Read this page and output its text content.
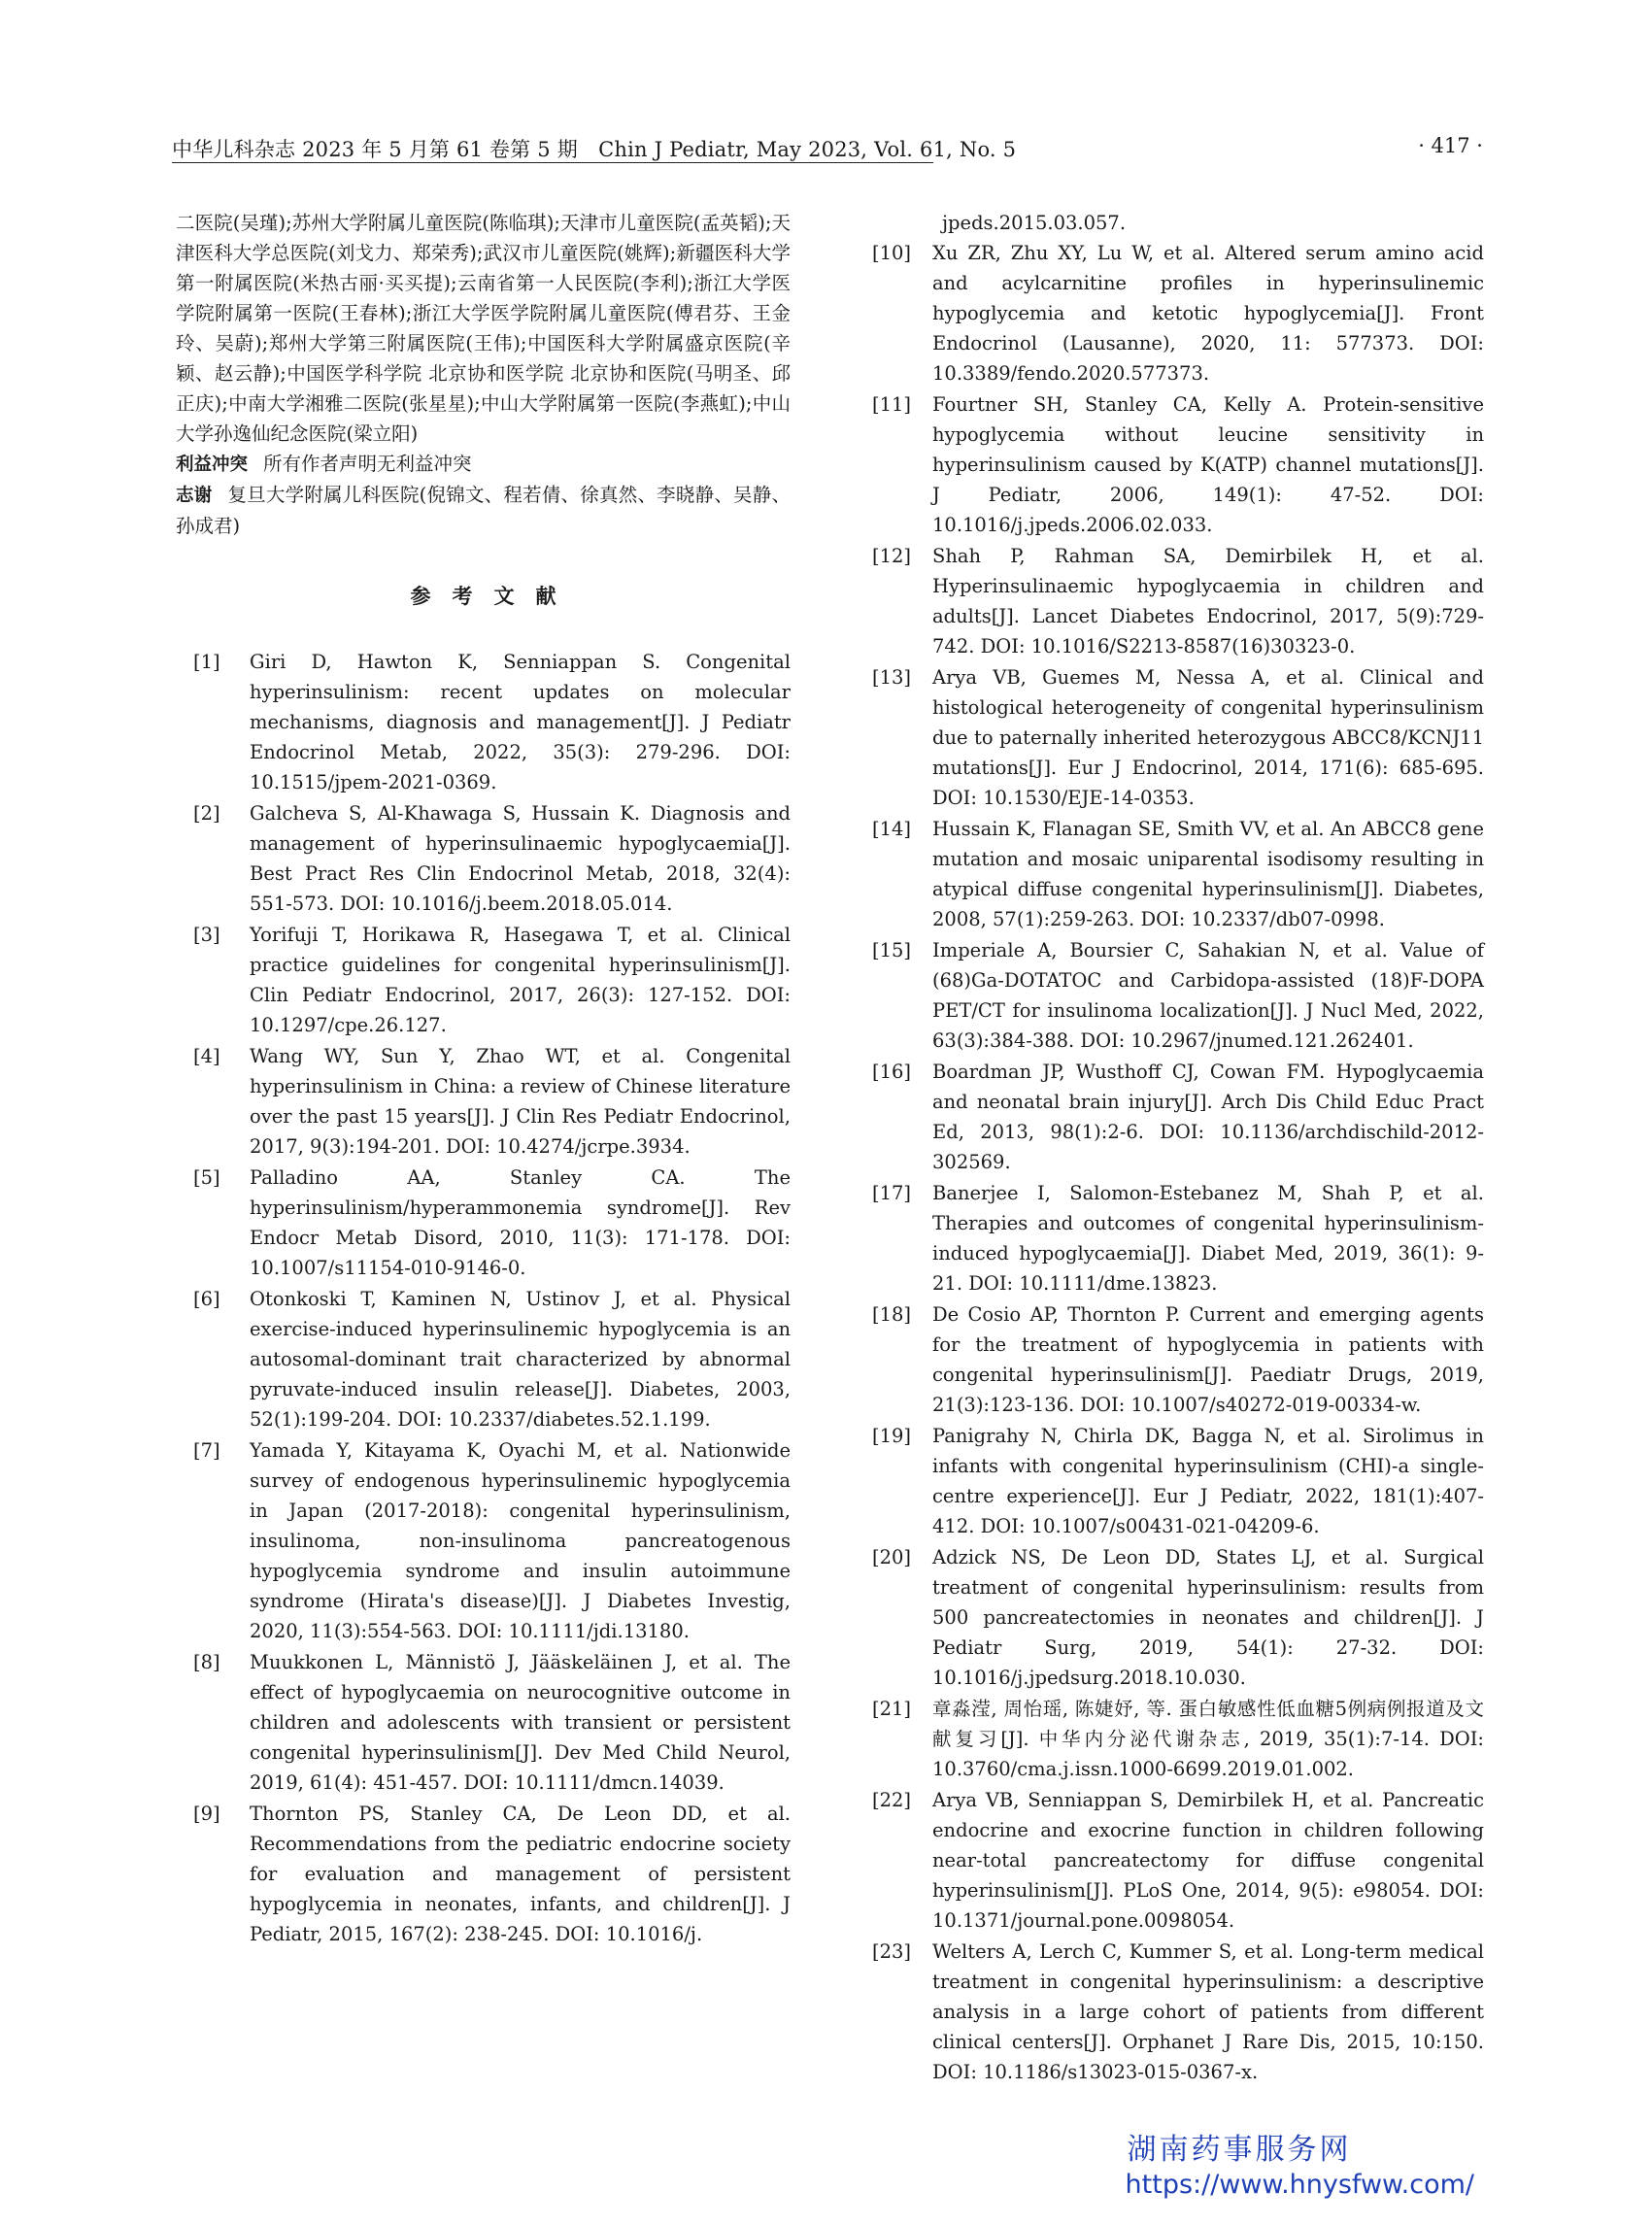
中华儿科杂志 2023 年 5 月第 61 卷第 5 期　Chin J Pediatr, May 2023, Vol. 61, No. 5	· 417 ·

二医院(吴瑾);苏州大学附属儿童医院(陈临琪);天津市儿童医院(孟英韬);天津医科大学总医院(刘戈力、郑荣秀);武汉市儿童医院(姚辉);新疆医科大学第一附属医院(米热古丽·买买提);云南省第一人民医院(李利);浙江大学医学院附属第一医院(王春林);浙江大学医学院附属儿童医院(傅君芬、王金玲、吴蔚);郑州大学第三附属医院(王伟);中国医科大学附属盛京医院(辛颖、赵云静);中国医学科学院 北京协和医学院 北京协和医院(马明圣、邱正庆);中南大学湘雅二医院(张星星);中山大学附属第一医院(李燕虹);中山大学孙逸仙纪念医院(梁立阳)

利益冲突 所有作者声明无利益冲突

志谢 复旦大学附属儿科医院(倪锦文、程若倩、徐真然、李晓静、吴静、孙成君)

参考文献
[1]	Giri D, Hawton K, Senniappan S. Congenital hyperinsulinism: recent updates on molecular mechanisms, diagnosis and management[J]. J Pediatr Endocrinol Metab, 2022, 35(3): 279-296. DOI: 10.1515/jpem-2021-0369.
[2]	Galcheva S, Al-Khawaga S, Hussain K. Diagnosis and management of hyperinsulinaemic hypoglycaemia[J]. Best Pract Res Clin Endocrinol Metab, 2018, 32(4): 551-573. DOI: 10.1016/j.beem.2018.05.014.
[3]	Yorifuji T, Horikawa R, Hasegawa T, et al. Clinical practice guidelines for congenital hyperinsulinism[J]. Clin Pediatr Endocrinol, 2017, 26(3): 127-152. DOI: 10.1297/cpe.26.127.
[4]	Wang WY, Sun Y, Zhao WT, et al. Congenital hyperinsulinism in China: a review of Chinese literature over the past 15 years[J]. J Clin Res Pediatr Endocrinol, 2017, 9(3):194-201. DOI: 10.4274/jcrpe.3934.
[5]	Palladino AA, Stanley CA. The hyperinsulinism/hyperammonemia syndrome[J]. Rev Endocr Metab Disord, 2010, 11(3): 171-178. DOI: 10.1007/s11154-010-9146-0.
[6]	Otonkoski T, Kaminen N, Ustinov J, et al. Physical exercise-induced hyperinsulinemic hypoglycemia is an autosomal-dominant trait characterized by abnormal pyruvate-induced insulin release[J]. Diabetes, 2003, 52(1):199-204. DOI: 10.2337/diabetes.52.1.199.
[7]	Yamada Y, Kitayama K, Oyachi M, et al. Nationwide survey of endogenous hyperinsulinemic hypoglycemia in Japan (2017-2018): congenital hyperinsulinism, insulinoma, non-insulinoma pancreatogenous hypoglycemia syndrome and insulin autoimmune syndrome (Hirata's disease)[J]. J Diabetes Investig, 2020, 11(3):554-563. DOI: 10.1111/jdi.13180.
[8]	Muukkonen L, Männistö J, Jääskeläinen J, et al. The effect of hypoglycaemia on neurocognitive outcome in children and adolescents with transient or persistent congenital hyperinsulinism[J]. Dev Med Child Neurol, 2019, 61(4): 451-457. DOI: 10.1111/dmcn.14039.
[9]	Thornton PS, Stanley CA, De Leon DD, et al. Recommendations from the pediatric endocrine society for evaluation and management of persistent hypoglycemia in neonates, infants, and children[J]. J Pediatr, 2015, 167(2): 238-245. DOI: 10.1016/j.
jpeds.2015.03.057.
[10]	Xu ZR, Zhu XY, Lu W, et al. Altered serum amino acid and acylcarnitine profiles in hyperinsulinemic hypoglycemia and ketotic hypoglycemia[J]. Front Endocrinol (Lausanne), 2020, 11: 577373. DOI: 10.3389/fendo.2020.577373.
[11]	Fourtner SH, Stanley CA, Kelly A. Protein-sensitive hypoglycemia without leucine sensitivity in hyperinsulinism caused by K(ATP) channel mutations[J]. J Pediatr, 2006, 149(1): 47-52. DOI: 10.1016/j.jpeds.2006.02.033.
[12]	Shah P, Rahman SA, Demirbilek H, et al. Hyperinsulinaemic hypoglycaemia in children and adults[J]. Lancet Diabetes Endocrinol, 2017, 5(9):729-742. DOI: 10.1016/S2213-8587(16)30323-0.
[13]	Arya VB, Guemes M, Nessa A, et al. Clinical and histological heterogeneity of congenital hyperinsulinism due to paternally inherited heterozygous ABCC8/KCNJ11 mutations[J]. Eur J Endocrinol, 2014, 171(6): 685-695. DOI: 10.1530/EJE-14-0353.
[14]	Hussain K, Flanagan SE, Smith VV, et al. An ABCC8 gene mutation and mosaic uniparental isodisomy resulting in atypical diffuse congenital hyperinsulinism[J]. Diabetes, 2008, 57(1):259-263. DOI: 10.2337/db07-0998.
[15]	Imperiale A, Boursier C, Sahakian N, et al. Value of (68)Ga-DOTATOC and Carbidopa-assisted (18)F-DOPA PET/CT for insulinoma localization[J]. J Nucl Med, 2022, 63(3):384-388. DOI: 10.2967/jnumed.121.262401.
[16]	Boardman JP, Wusthoff CJ, Cowan FM. Hypoglycaemia and neonatal brain injury[J]. Arch Dis Child Educ Pract Ed, 2013, 98(1):2-6. DOI: 10.1136/archdischild-2012-302569.
[17]	Banerjee I, Salomon-Estebanez M, Shah P, et al. Therapies and outcomes of congenital hyperinsulinism-induced hypoglycaemia[J]. Diabet Med, 2019, 36(1): 9-21. DOI: 10.1111/dme.13823.
[18]	De Cosio AP, Thornton P. Current and emerging agents for the treatment of hypoglycemia in patients with congenital hyperinsulinism[J]. Paediatr Drugs, 2019, 21(3):123-136. DOI: 10.1007/s40272-019-00334-w.
[19]	Panigrahy N, Chirla DK, Bagga N, et al. Sirolimus in infants with congenital hyperinsulinism (CHI)-a single-centre experience[J]. Eur J Pediatr, 2022, 181(1):407-412. DOI: 10.1007/s00431-021-04209-6.
[20]	Adzick NS, De Leon DD, States LJ, et al. Surgical treatment of congenital hyperinsulinism: results from 500 pancreatectomies in neonates and children[J]. J Pediatr Surg, 2019, 54(1): 27-32. DOI: 10.1016/j.jpedsurg.2018.10.030.
[21]	章淼滢, 周怡瑶, 陈婕妤, 等. 蛋白敏感性低血糖5例病例报道及文献复习[J]. 中华内分泌代谢杂志, 2019, 35(1):7-14. DOI: 10.3760/cma.j.issn.1000-6699.2019.01.002.
[22]	Arya VB, Senniappan S, Demirbilek H, et al. Pancreatic endocrine and exocrine function in children following near-total pancreatectomy for diffuse congenital hyperinsulinism[J]. PLoS One, 2014, 9(5): e98054. DOI: 10.1371/journal.pone.0098054.
[23]	Welters A, Lerch C, Kummer S, et al. Long-term medical treatment in congenital hyperinsulinism: a descriptive analysis in a large cohort of patients from different clinical centers[J]. Orphanet J Rare Dis, 2015, 10:150. DOI: 10.1186/s13023-015-0367-x.
湖南药事服务网
https://www.hnysfww.com/
